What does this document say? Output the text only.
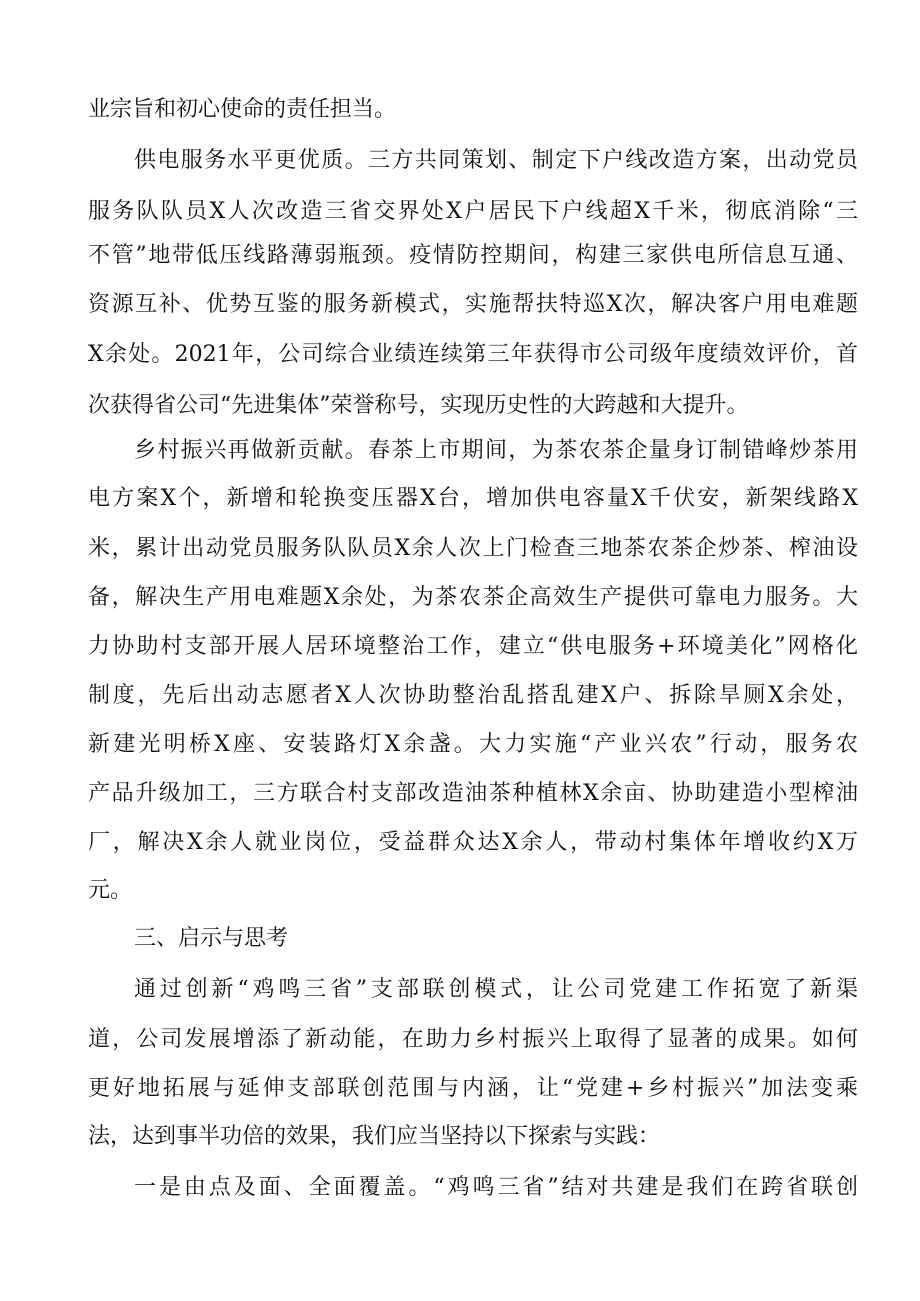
业宗旨和初心使命的责任担当。
供电服务水平更优质。三方共同策划、制定下户线改造方案，出动党员
服务队队员X人次改造三省交界处X户居民下户线超X千米，彻底消除“三
不管”地带低压线路薄弱瓶颈。疫情防控期间，构建三家供电所信息互通、
资源互补、优势互鉴的服务新模式，实施帮扶特巡X次，解决客户用电难题
X余处。2021年，公司综合业绩连续第三年获得市公司级年度绩效评价，首
次获得省公司“先进集体”荣誉称号，实现历史性的大跨越和大提升。
乡村振兴再做新贡献。春茶上市期间，为茶农茶企量身订制错峰炒茶用
电方案X个，新增和轮换变压器X台，增加供电容量X千伏安，新架线路X
米，累计出动党员服务队队员X余人次上门检查三地茶农茶企炒茶、榨油设
备，解决生产用电难题X余处，为茶农茶企高效生产提供可靠电力服务。大
力协助村支部开展人居环境整治工作，建立“供电服务+环境美化”网格化
制度，先后出动志愿者X人次协助整治乱搭乱建X户、拆除旱厕X余处，
新建光明桥X座、安装路灯X余盏。大力实施“产业兴农”行动，服务农
产品升级加工，三方联合村支部改造油茶种植林X余亩、协助建造小型榨油
厂，解决X余人就业岗位，受益群众达X余人，带动村集体年增收约X万
元。
三、启示与思考
通过创新“鸡鸣三省”支部联创模式，让公司党建工作拓宽了新渠
道，公司发展增添了新动能，在助力乡村振兴上取得了显著的成果。如何
更好地拓展与延伸支部联创范围与内涵，让“党建+乡村振兴”加法变乘
法，达到事半功倍的效果，我们应当坚持以下探索与实践：
一是由点及面、全面覆盖。“鸡鸣三省”结对共建是我们在跨省联创
